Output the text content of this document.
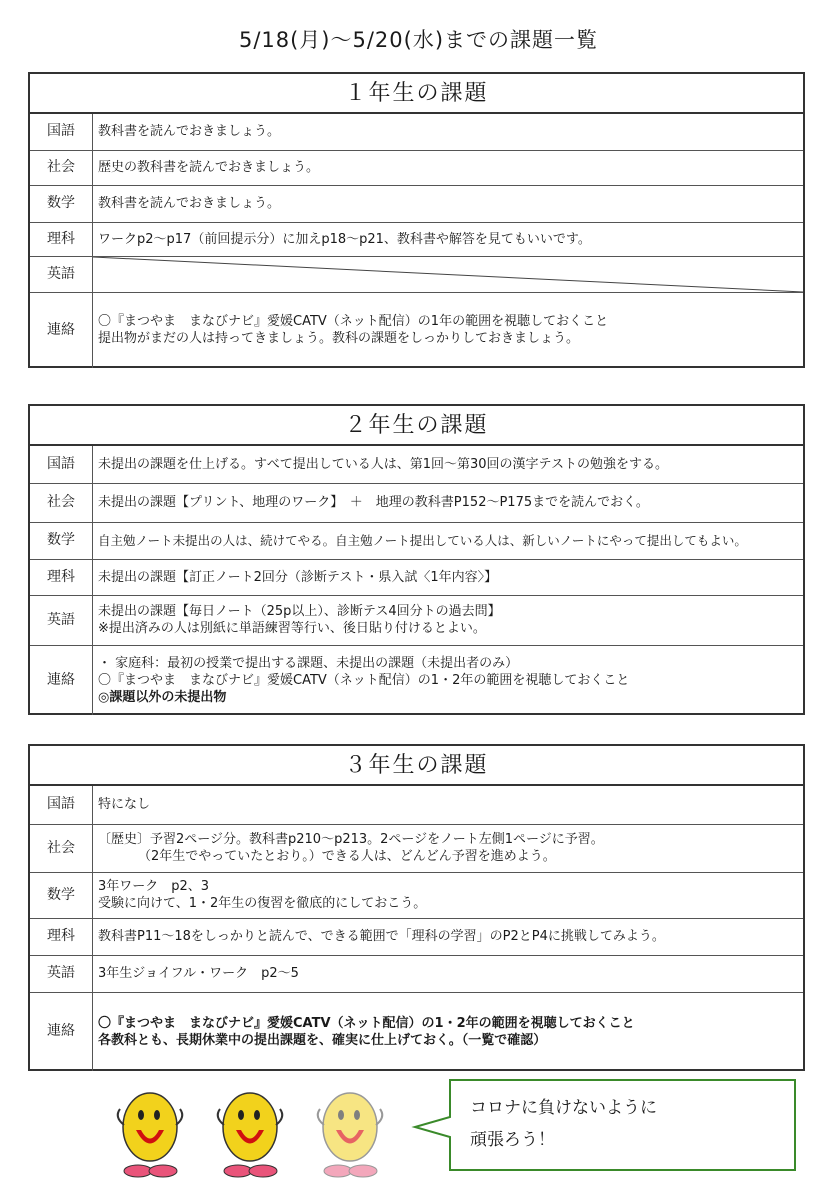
5/18(月)～5/20(水)までの課題一覧
１年生の課題
国語	教科書を読んでおきましょう。

社会	歴史の教科書を読んでおきましょう。

数学	教科書を読んでおきましょう。

理科	ワークp2～p17（前回提示分）に加えp18～p21、教科書や解答を見てもいいです。

英語	

連絡	〇『まつやま　まなびナビ』愛媛CATV（ネット配信）の1年の範囲を視聴しておくこと
提出物がまだの人は持ってきましょう。教科の課題をしっかりしておきましょう。
２年生の課題
国語	未提出の課題を仕上げる。すべて提出している人は、第1回～第30回の漢字テストの勉強をする。

社会	未提出の課題【プリント、地理のワーク】　＋　地理の教科書P152～P175までを読んでおく。

数学	自主勉ノート未提出の人は、続けてやる。自主勉ノート提出している人は、新しいノートにやって提出してもよい。

理科	未提出の課題【訂正ノート2回分（診断テスト・県入試〈1年内容〉】

英語	未提出の課題【毎日ノート（25p以上）、診断テス4回分トの過去問】
※提出済みの人は別紙に単語練習等行い、後日貼り付けるとよい。

連絡	・ 家庭科：最初の授業で提出する課題、未提出の課題（未提出者のみ）
〇『まつやま　まなびナビ』愛媛CATV（ネット配信）の1・2年の範囲を視聴しておくこと
◎課題以外の未提出物
３年生の課題
国語	特になし

社会	〔歴史〕予習2ページ分。教科書p210～p213。2ページをノート左側1ページに予習。
（2年生でやっていたとおり。）できる人は、どんどん予習を進めよう。

数学	3年ワーク　p2、3
受験に向けて、1・2年生の復習を徹底的にしておこう。

理科	教科書P11～18をしっかりと読んで、できる範囲で「理科の学習」のP2とP4に挑戦してみよう。

英語	3年生ジョイフル・ワーク　p2～5

連絡	〇『まつやま　まなびナビ』愛媛CATV（ネット配信）の1・2年の範囲を視聴しておくこと
各教科とも、長期休業中の提出課題を、確実に仕上げておく。（一覧で確認）
コロナに負けないように
頑張ろう！
